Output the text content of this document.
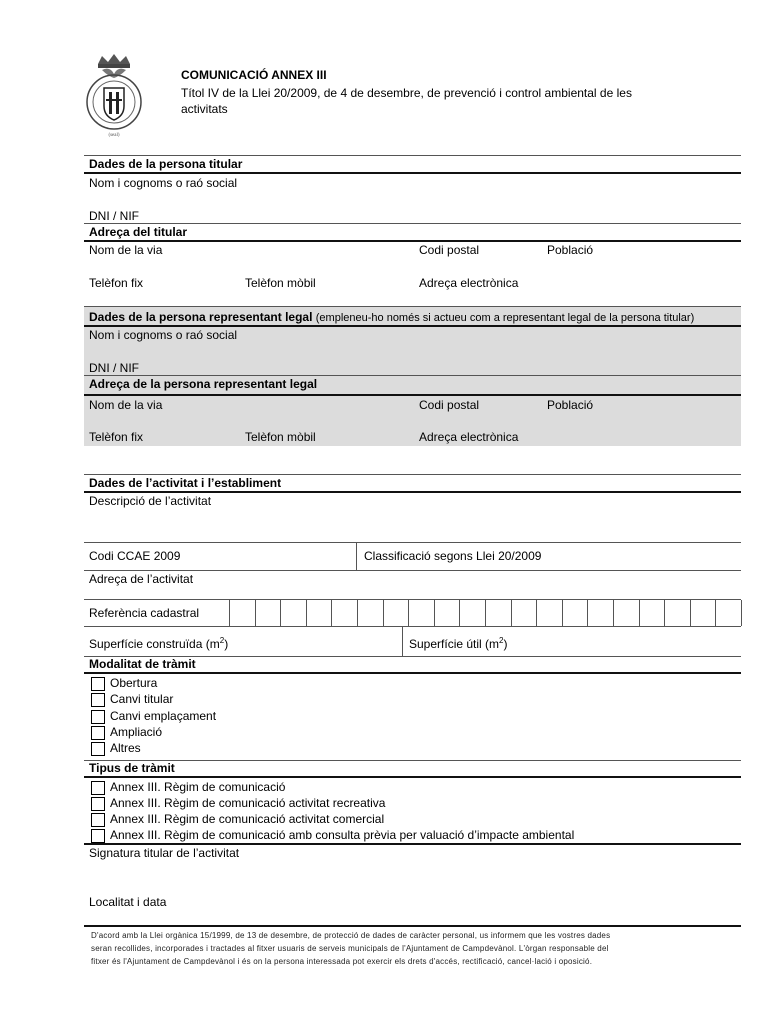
(seal)
COMUNICACIÓ ANNEX III
Títol IV de la Llei 20/2009, de 4 de desembre, de prevenció i control ambiental de les
activitats
Dades de la persona titular
Nom i cognoms o raó social
DNI / NIF
Adreça del titular
Nom de la via	Codi postal	Població
Telèfon fix	Telèfon mòbil	Adreça electrònica
Dades de la persona representant legal (empleneu-ho només si actueu com a representant legal de la persona titular)
Nom i cognoms o raó social
DNI / NIF
Adreça de la persona representant legal
Nom de la via	Codi postal	Població
Telèfon fix	Telèfon mòbil	Adreça electrònica
Dades de l’activitat i l’establiment
Descripció de l’activitat
Codi CCAE 2009	Classificació segons Llei 20/2009
Adreça de l’activitat
Referència cadastral
Superfície construïda $(m^2)$	Superfície útil $(m^2)$
Modalitat de tràmit
Obertura
Canvi titular
Canvi emplaçament
Ampliació
Altres
Tipus de tràmit
Annex III. Règim de comunicació
Annex III. Règim de comunicació activitat recreativa
Annex III. Règim de comunicació activitat comercial
Annex III. Règim de comunicació amb consulta prèvia per valuació d’impacte ambiental
Signatura titular de l’activitat
Localitat i data
D'acord amb la Llei orgànica 15/1999, de 13 de desembre, de protecció de dades de caràcter personal, us informem que les vostres dades
seran recollides, incorporades i tractades al fitxer usuaris de serveis municipals de l'Ajuntament de Campdevànol. L'òrgan responsable del
fitxer és l'Ajuntament de Campdevànol i és on la persona interessada pot exercir els drets d'accés, rectificació, cancel·lació i oposició.
